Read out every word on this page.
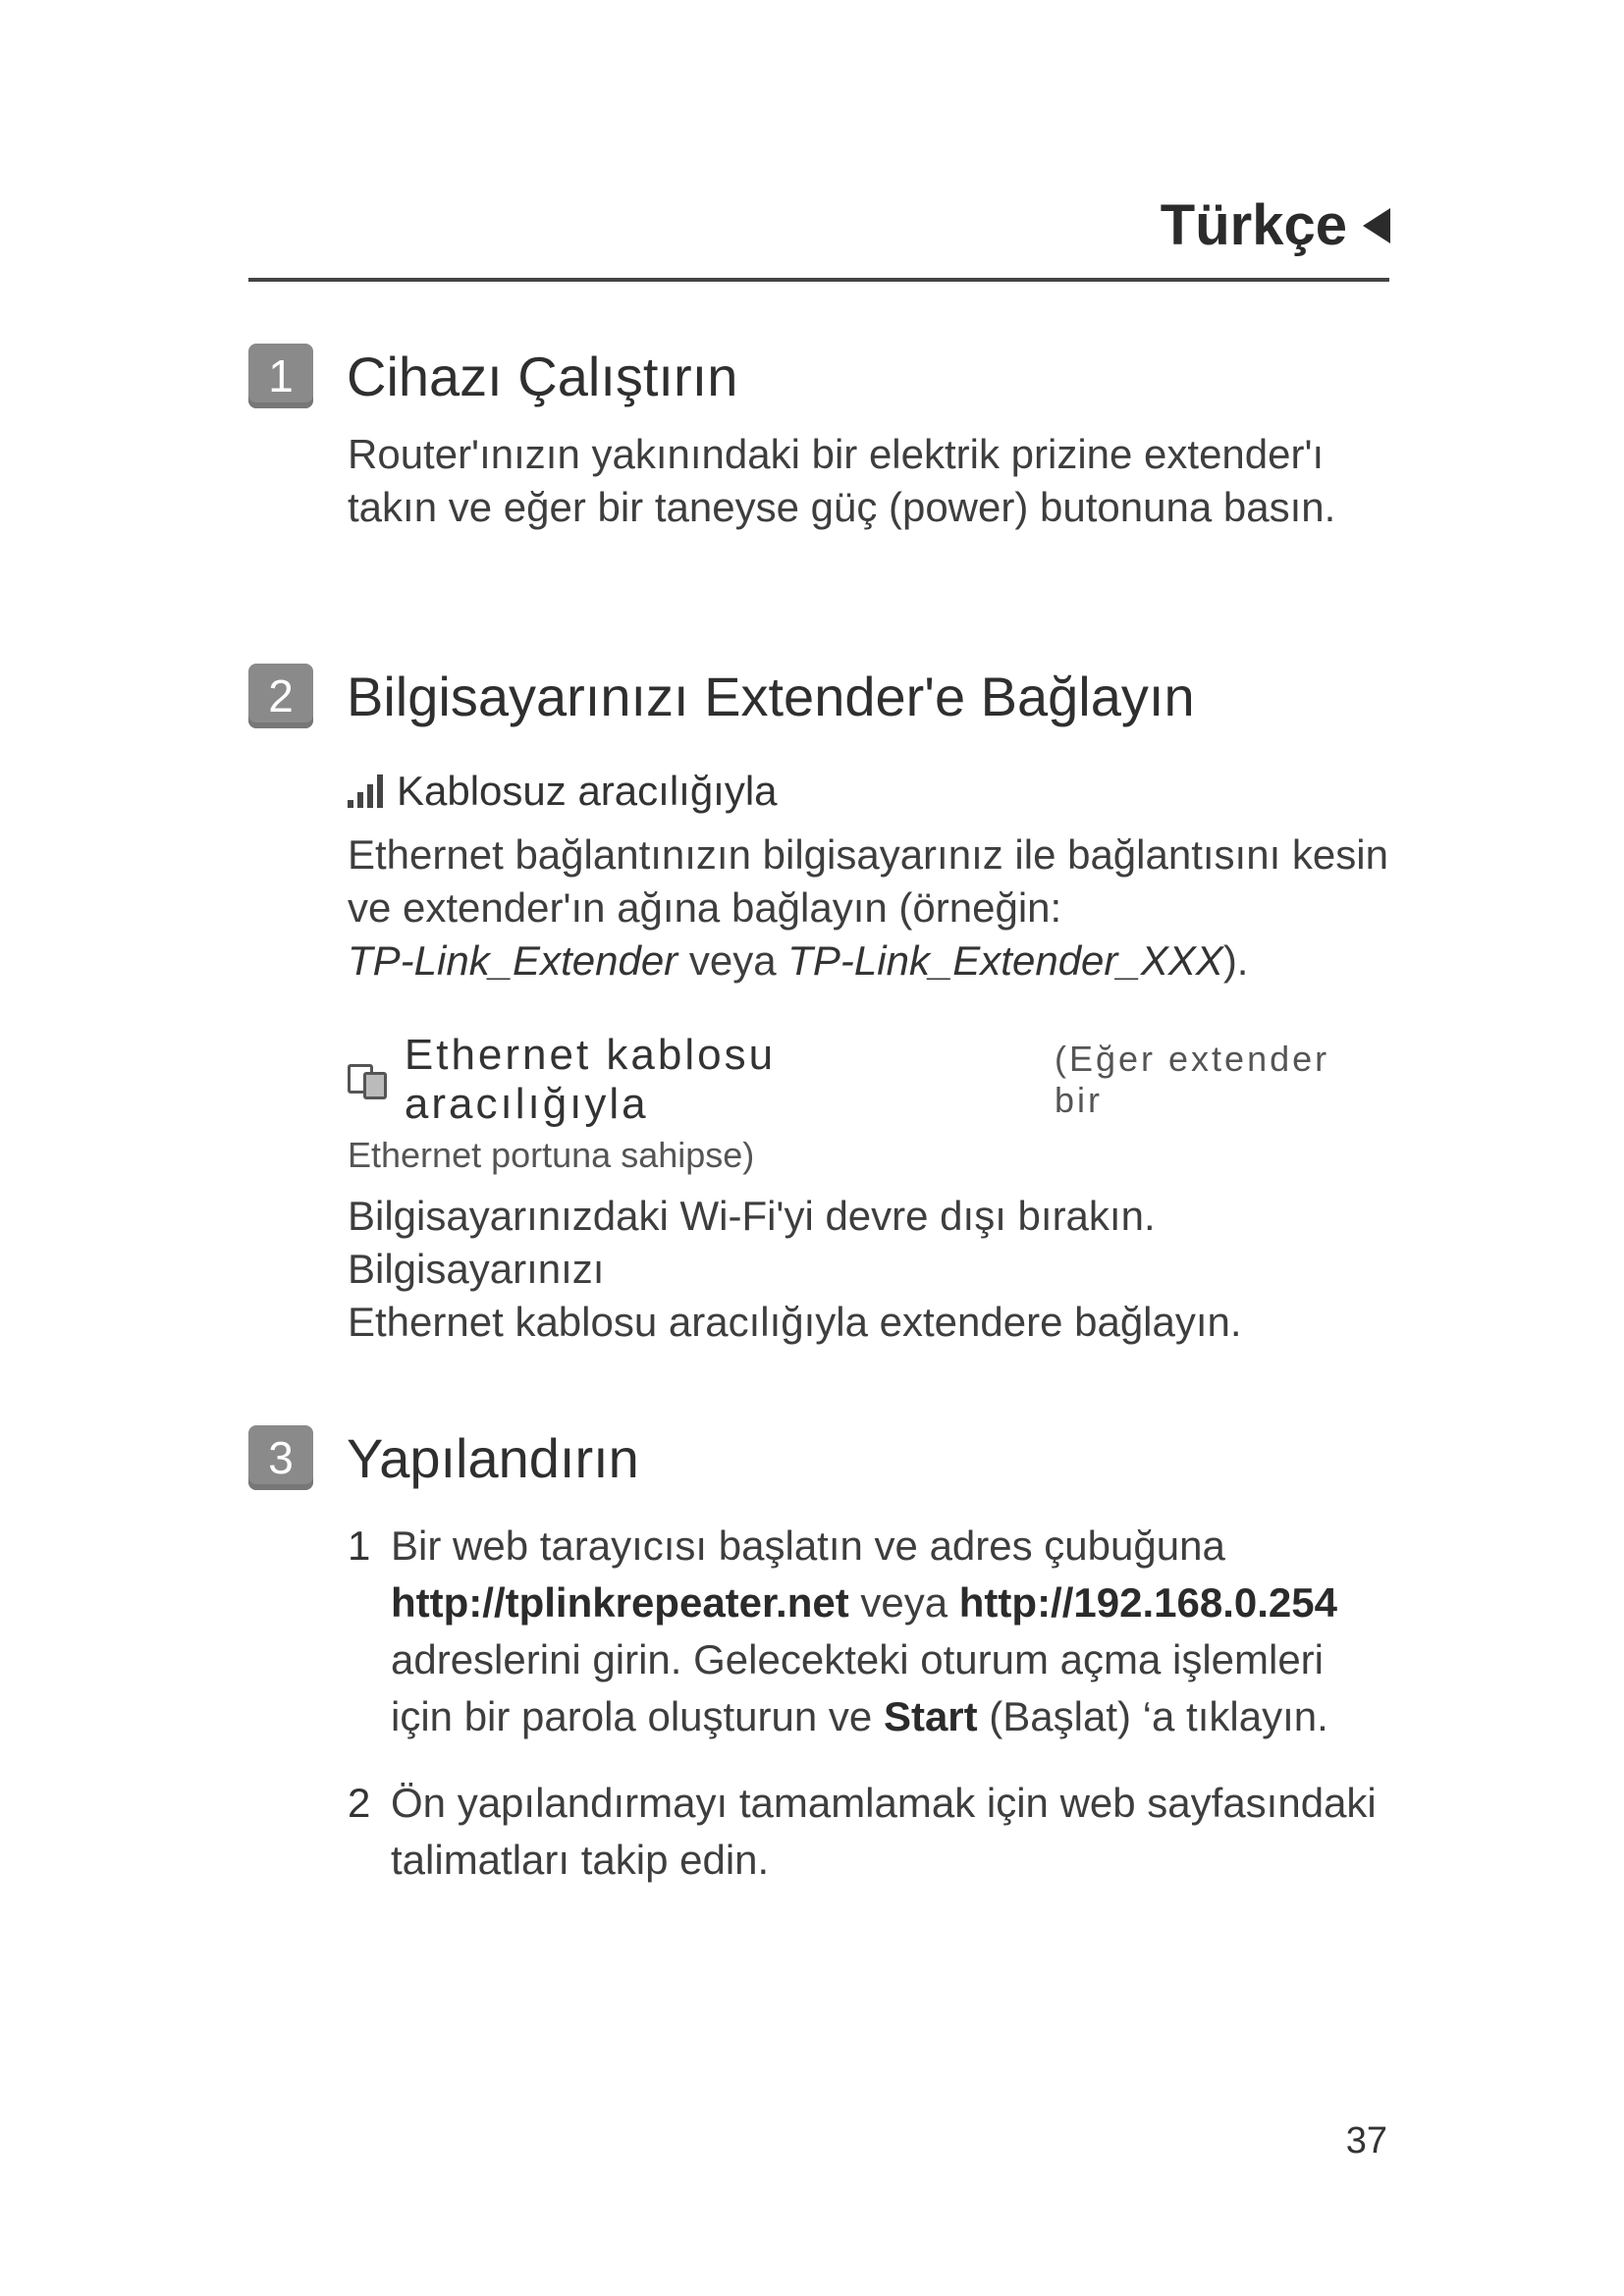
Türkçe
1 Cihazı Çalıştırın
Router'ınızın yakınındaki bir elektrik prizine extender'ı
takın ve eğer bir taneyse güç (power) butonuna basın.
2 Bilgisayarınızı Extender'e Bağlayın
Kablosuz aracılığıyla
Ethernet bağlantınızın bilgisayarınız ile bağlantısını kesin
ve extender'ın ağına bağlayın (örneğin:
TP-Link_Extender veya TP-Link_Extender_XXX).
Ethernet kablosu aracılığıyla
(Eğer extender bir
Ethernet portuna sahipse)
Bilgisayarınızdaki Wi-Fi'yi devre dışı bırakın. Bilgisayarınızı
Ethernet kablosu aracılığıyla extendere bağlayın.
3 Yapılandırın
1 Bir web tarayıcısı başlatın ve adres çubuğuna
http://tplinkrepeater.net veya http://192.168.0.254
adreslerini girin. Gelecekteki oturum açma işlemleri
için bir parola oluşturun ve Start (Başlat) ‘a tıklayın.
2 Ön yapılandırmayı tamamlamak için web sayfasındaki
talimatları takip edin.
37
